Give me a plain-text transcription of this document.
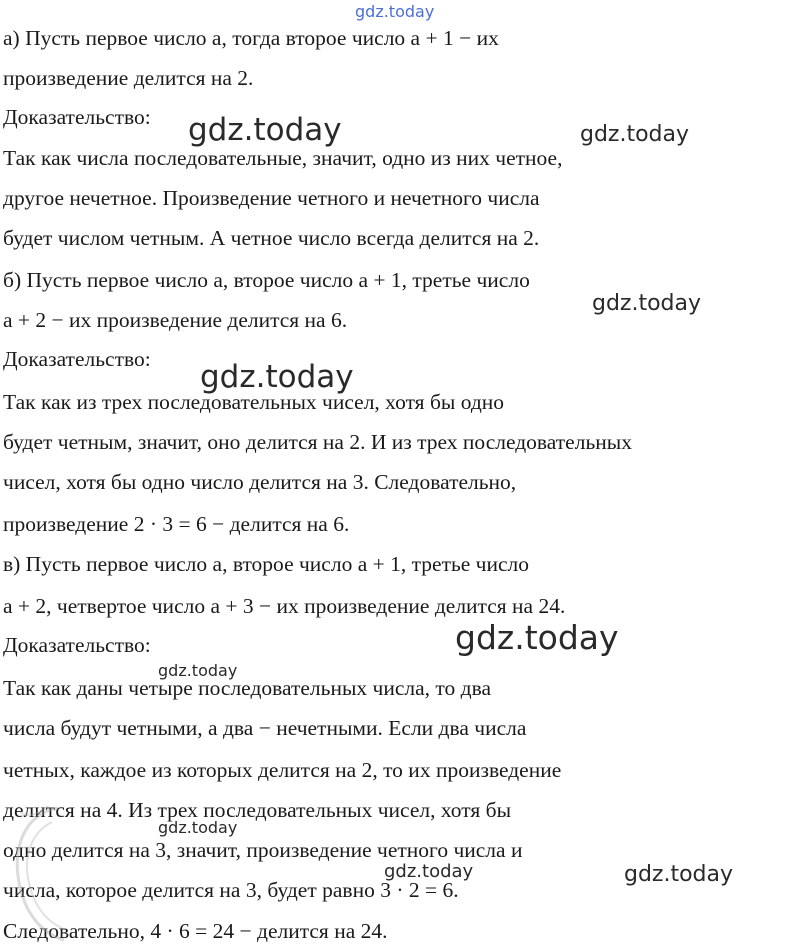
а) Пусть первое число a, тогда второе число a + 1 − их
произведение делится на 2.
Доказательство:
Так как числа последовательные, значит, одно из них четное,
другое нечетное. Произведение четного и нечетного числа
будет числом четным. А четное число всегда делится на 2.
б) Пусть первое число a, второе число a + 1, третье число
a + 2 − их произведение делится на 6.
Доказательство:
Так как из трех последовательных чисел, хотя бы одно
будет четным, значит, оно делится на 2. И из трех последовательных
чисел, хотя бы одно число делится на 3. Следовательно,
произведение 2 · 3 = 6 − делится на 6.
в) Пусть первое число a, второе число a + 1, третье число
a + 2, четвертое число a + 3 − их произведение делится на 24.
Доказательство:
Так как даны четыре последовательных числа, то два
числа будут четными, а два − нечетными. Если два числа
четных, каждое из которых делится на 2, то их произведение
делится на 4. Из трех последовательных чисел, хотя бы
одно делится на 3, значит, произведение четного числа и
числа, которое делится на 3, будет равно 3 · 2 = 6.
Следовательно, 4 · 6 = 24 − делится на 24.
gdz.today
gdz.today	gdz.today
gdz.today
gdz.today
gdz.today
gdz.today
gdz.today
gdz.today	gdz.today
